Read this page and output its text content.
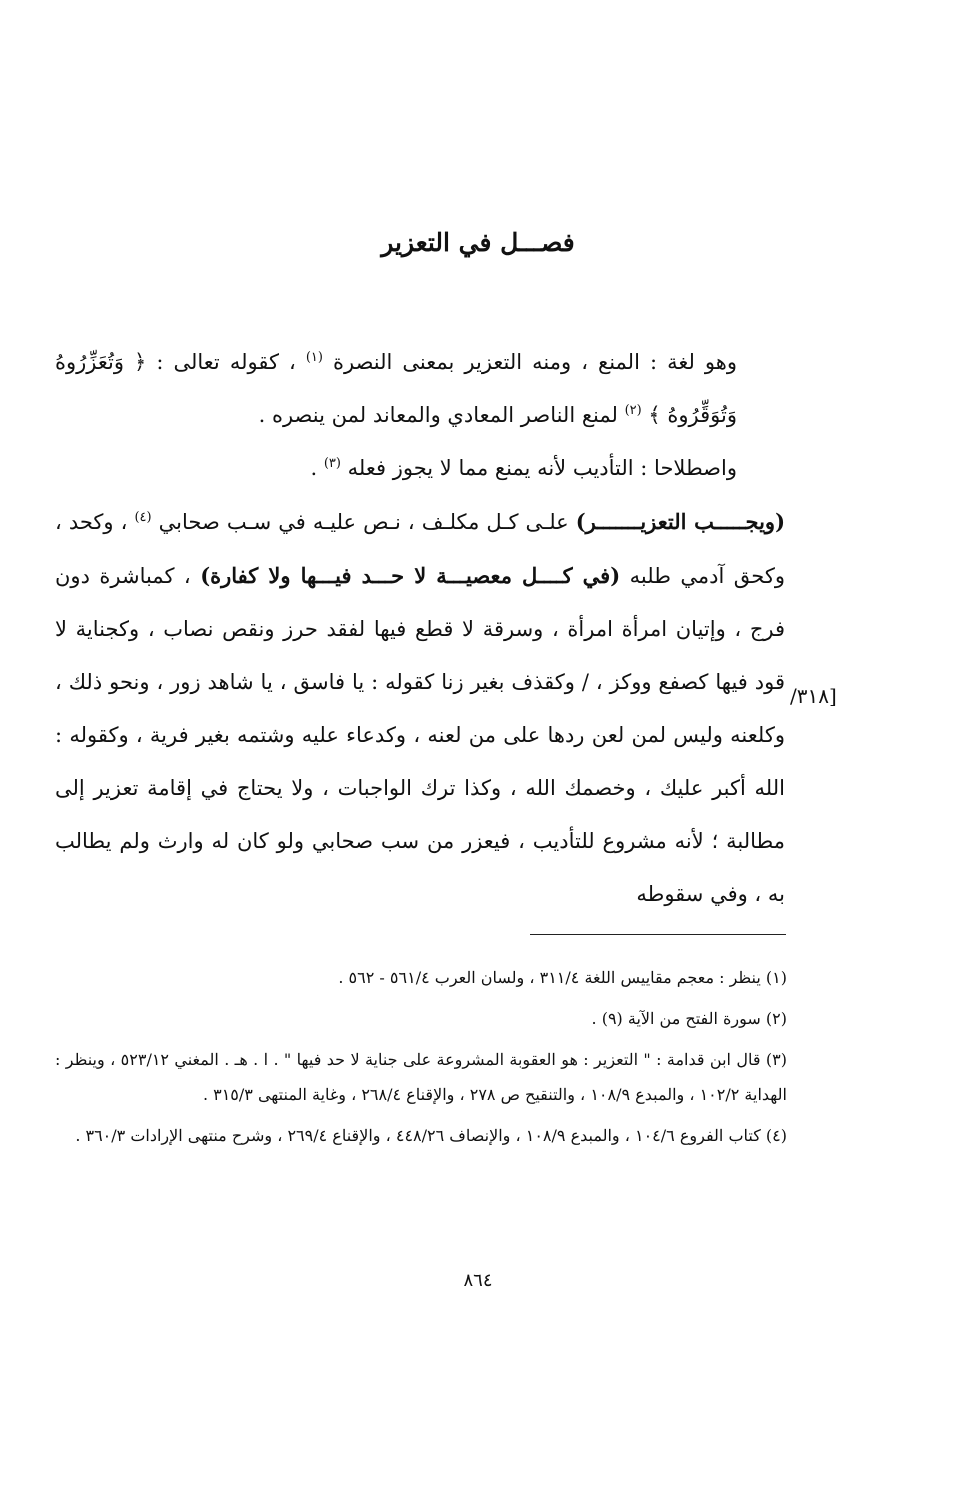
فصـــل في التعزير

وهو لغة : المنع ، ومنه التعزير بمعنى النصرة $^{(١)}$ ، كقوله تعالى : ﴿ وَتُعَزِّرُوهُ وَتُوَقِّرُوهُ ﴾ $^{(٢)}$ لمنع الناصر المعادي والمعاند لمن ينصره .

واصطلاحا : التأديب لأنه يمنع مما لا يجوز فعله $^{(٣)}$ .

(ويجـــــب التعزيـــــــر) علـى كـل مكلـف ، نـص عليـه في سـب صحابي $^{(٤)}$ ، وكحد ، وكحق آدمي طلبه (في كــــل معصيـــة لا حـــد فيـــها ولا كفارة) ، كمباشرة دون فرج ، وإتيان امرأة امرأة ، وسرقة لا قطع فيها لفقد حرز ونقص نصاب ، وكجناية لا قود فيها كصفع ووكز ، / وكقذف بغير زنا كقوله : يا فاسق ، يا شاهد زور ، ونحو ذلك ، وكلعنه وليس لمن لعن ردها على من لعنه ، وكدعاء عليه وشتمه بغير فرية ، وكقوله : الله أكبر عليك ، وخصمك الله ، وكذا ترك الواجبات ، ولا يحتاج في إقامة تعزير إلى مطالبة ؛ لأنه مشروع للتأديب ، فيعزر من سب صحابي ولو كان له وارث ولم يطالب به ، وفي سقوطه

/٣١٨]

(١) ينظر : معجم مقاييس اللغة ٣١١/٤ ، ولسان العرب ٥٦١/٤ - ٥٦٢ .

(٢) سورة الفتح من الآية (٩) .

(٣) قال ابن قدامة : " التعزير : هو العقوبة المشروعة على جناية لا حد فيها " . ا . هـ . المغني ٥٢٣/١٢ ، وينظر : الهداية ١٠٢/٢ ، والمبدع ١٠٨/٩ ، والتنقيح ص ٢٧٨ ، والإقناع ٢٦٨/٤ ، وغاية المنتهى ٣١٥/٣ .

(٤) كتاب الفروع ١٠٤/٦ ، والمبدع ١٠٨/٩ ، والإنصاف ٤٤٨/٢٦ ، والإقناع ٢٦٩/٤ ، وشرح منتهى الإرادات ٣٦٠/٣ .

٨٦٤
